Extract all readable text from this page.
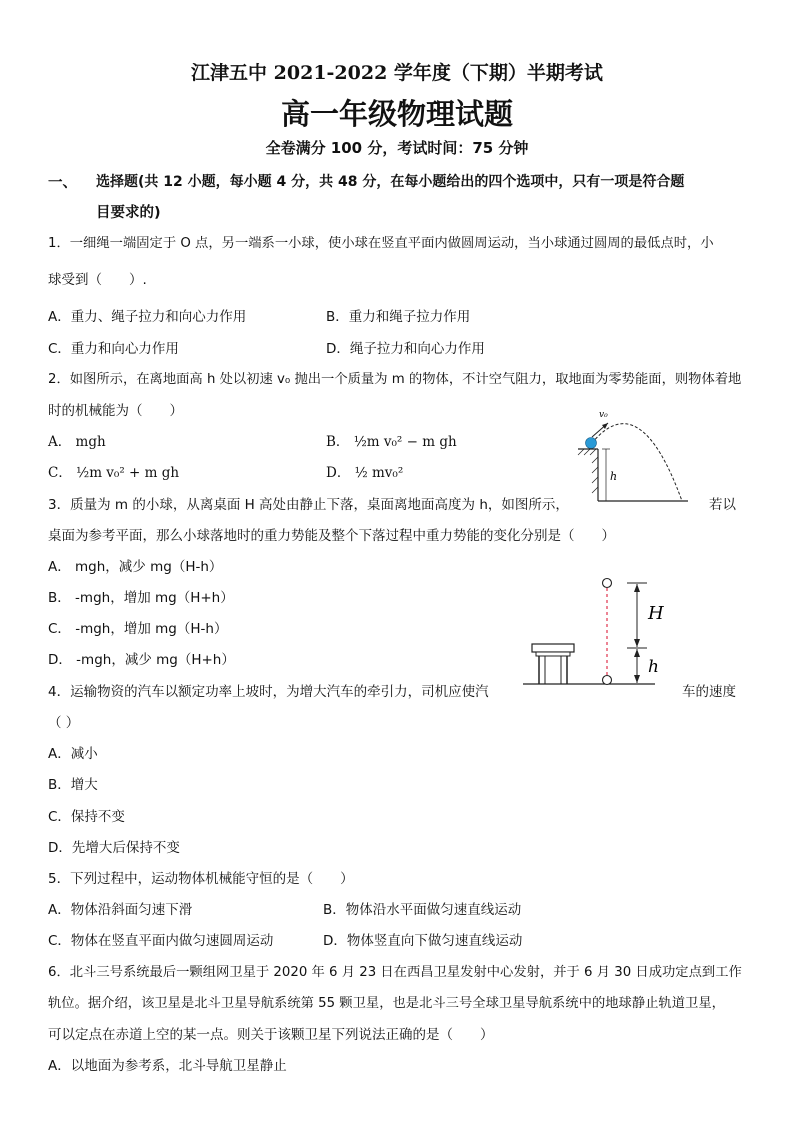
江津五中 2021-2022 学年度（下期）半期考试
高一年级物理试题
全卷满分 100 分，考试时间：75 分钟
一、 选择题(共 12 小题，每小题 4 分，共 48 分，在每小题给出的四个选项中，只有一项是符合题
目要求的)
1．一细绳一端固定于 O 点，另一端系一小球，使小球在竖直平面内做圆周运动，当小球通过圆周的最低点时，小
球受到（　　）.
A．重力、绳子拉力和向心力作用	B．重力和绳子拉力作用
C．重力和向心力作用	D．绳子拉力和向心力作用
2．如图所示，在离地面高 h 处以初速 v₀ 抛出一个质量为 m 的物体，不计空气阻力，取地面为零势能面，则物体着地
时的机械能为（　　）
A． mgh	B． ½m v₀² − m gh
C． ½m v₀² + m gh	D． ½ mv₀²
v₀
h
3．质量为 m 的小球，从离桌面 H 高处由静止下落，桌面离地面高度为 h，如图所示，	若以
桌面为参考平面，那么小球落地时的重力势能及整个下落过程中重力势能的变化分别是（　　）
A． mgh，减少 mg（H-h）
B． -mgh，增加 mg（H+h）
C． -mgh，增加 mg（H-h）
D． -mgh，减少 mg（H+h）
H
h
4．运输物资的汽车以额定功率上坡时，为增大汽车的牵引力，司机应使汽	车的速度
（ ）
A．减小
B．增大
C．保持不变
D．先增大后保持不变
5．下列过程中，运动物体机械能守恒的是（　　）
A．物体沿斜面匀速下滑	B．物体沿水平面做匀速直线运动
C．物体在竖直平面内做匀速圆周运动	D．物体竖直向下做匀速直线运动
6．北斗三号系统最后一颗组网卫星于 2020 年 6 月 23 日在西昌卫星发射中心发射，并于 6 月 30 日成功定点到工作
轨位。据介绍，该卫星是北斗卫星导航系统第 55 颗卫星，也是北斗三号全球卫星导航系统中的地球静止轨道卫星，
可以定点在赤道上空的某一点。则关于该颗卫星下列说法正确的是（　　）
A．以地面为参考系，北斗导航卫星静止
